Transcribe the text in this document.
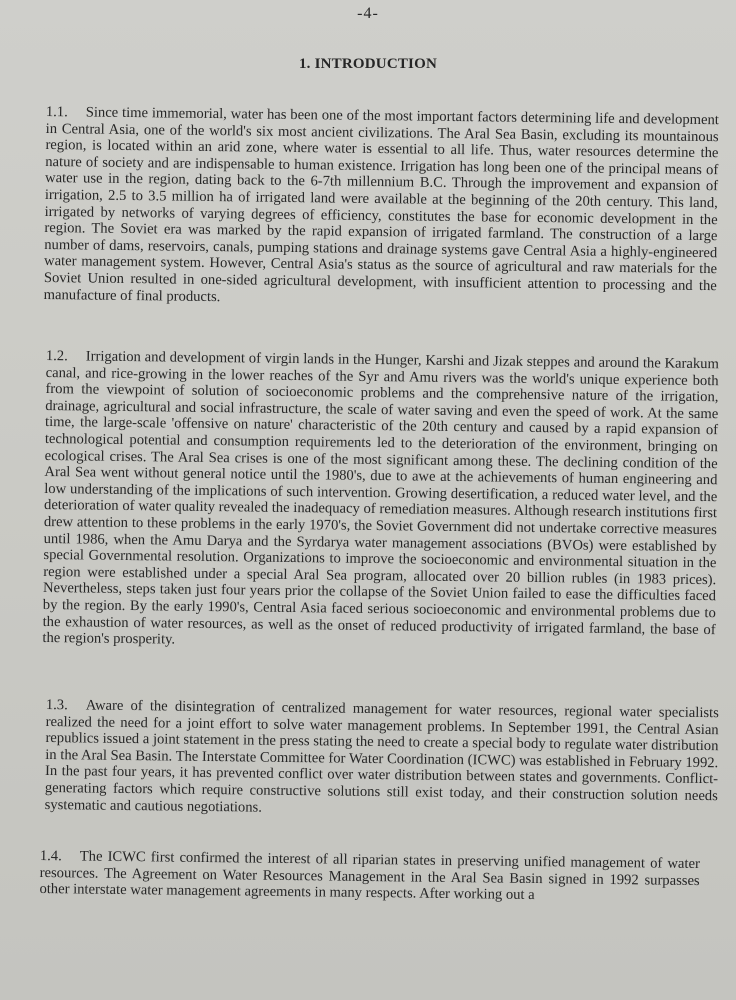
-4-
1. INTRODUCTION

1.1. Since time immemorial, water has been one of the most important factors determining life and development in Central Asia, one of the world's six most ancient civilizations. The Aral Sea Basin, excluding its mountainous region, is located within an arid zone, where water is essential to all life. Thus, water resources determine the nature of society and are indispensable to human existence. Irrigation has long been one of the principal means of water use in the region, dating back to the 6-7th millennium B.C. Through the improvement and expansion of irrigation, 2.5 to 3.5 million ha of irrigated land were available at the beginning of the 20th century. This land, irrigated by networks of varying degrees of efficiency, constitutes the base for economic development in the region. The Soviet era was marked by the rapid expansion of irrigated farmland. The construction of a large number of dams, reservoirs, canals, pumping stations and drainage systems gave Central Asia a highly-engineered water management system. However, Central Asia's status as the source of agricultural and raw materials for the Soviet Union resulted in one-sided agricultural development, with insufficient attention to processing and the manufacture of final products.

1.2. Irrigation and development of virgin lands in the Hunger, Karshi and Jizak steppes and around the Karakum canal, and rice-growing in the lower reaches of the Syr and Amu rivers was the world's unique experience both from the viewpoint of solution of socioeconomic problems and the comprehensive nature of the irrigation, drainage, agricultural and social infrastructure, the scale of water saving and even the speed of work. At the same time, the large-scale 'offensive on nature' characteristic of the 20th century and caused by a rapid expansion of technological potential and consumption requirements led to the deterioration of the environment, bringing on ecological crises. The Aral Sea crises is one of the most significant among these. The declining condition of the Aral Sea went without general notice until the 1980's, due to awe at the achievements of human engineering and low understanding of the implications of such intervention. Growing desertification, a reduced water level, and the deterioration of water quality revealed the inadequacy of remediation measures. Although research institutions first drew attention to these problems in the early 1970's, the Soviet Government did not undertake corrective measures until 1986, when the Amu Darya and the Syrdarya water management associations (BVOs) were established by special Governmental resolution. Organizations to improve the socioeconomic and environmental situation in the region were established under a special Aral Sea program, allocated over 20 billion rubles (in 1983 prices). Nevertheless, steps taken just four years prior the collapse of the Soviet Union failed to ease the difficulties faced by the region. By the early 1990's, Central Asia faced serious socioeconomic and environmental problems due to the exhaustion of water resources, as well as the onset of reduced productivity of irrigated farmland, the base of the region's prosperity.

1.3. Aware of the disintegration of centralized management for water resources, regional water specialists realized the need for a joint effort to solve water management problems. In September 1991, the Central Asian republics issued a joint statement in the press stating the need to create a special body to regulate water distribution in the Aral Sea Basin. The Interstate Committee for Water Coordination (ICWC) was established in February 1992. In the past four years, it has prevented conflict over water distribution between states and governments. Conflict-generating factors which require constructive solutions still exist today, and their construction solution needs systematic and cautious negotiations.

1.4. The ICWC first confirmed the interest of all riparian states in preserving unified management of water resources. The Agreement on Water Resources Management in the Aral Sea Basin signed in 1992 surpasses other interstate water management agreements in many respects. After working out a
